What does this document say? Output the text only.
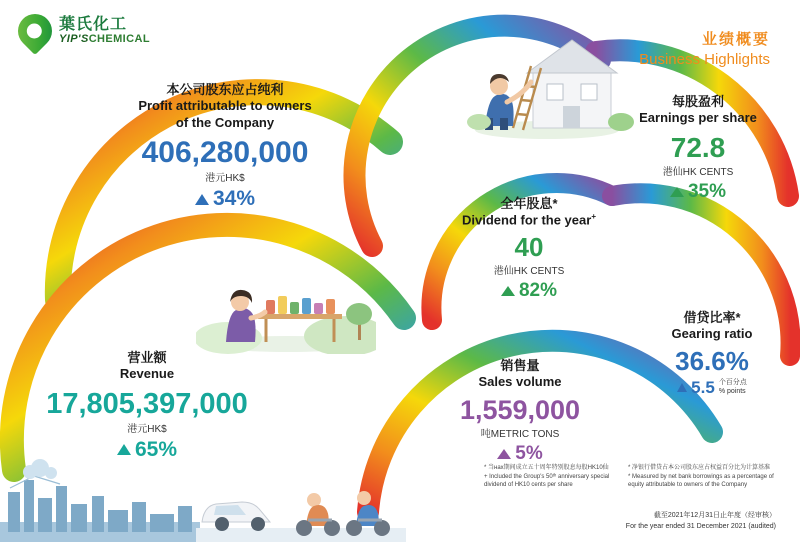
葉氏化工
YIP'SCHEMICAL	业绩概要
Business Highlights
本公司股东应占纯利
Profit attributable to owners
of the Company
406,280,000
港元HK$
34%
每股盈利
Earnings per share
72.8
港仙HK CENTS
35%
全年股息*
Dividend for the year+
40
港仙HK CENTS
82%
借贷比率*
Gearing ratio
36.6%
5.5 个百分点
% points
营业额
Revenue
17,805,397,000
港元HK$
65%
销售量
Sales volume
1,559,000
吨METRIC TONS
5%
* 当нах期间成立五十周年特别股息每股HK10仙
+ Included the Group's 50ᵗʰ anniversary special dividend of HK10 cents per share
* 净银行借贷占本公司股东应占权益百分比为计算基准
* Measured by net bank borrowings as a percentage of equity attributable to owners of the Company
截至2021年12月31日止年度（经审核）
For the year ended 31 December 2021 (audited)
